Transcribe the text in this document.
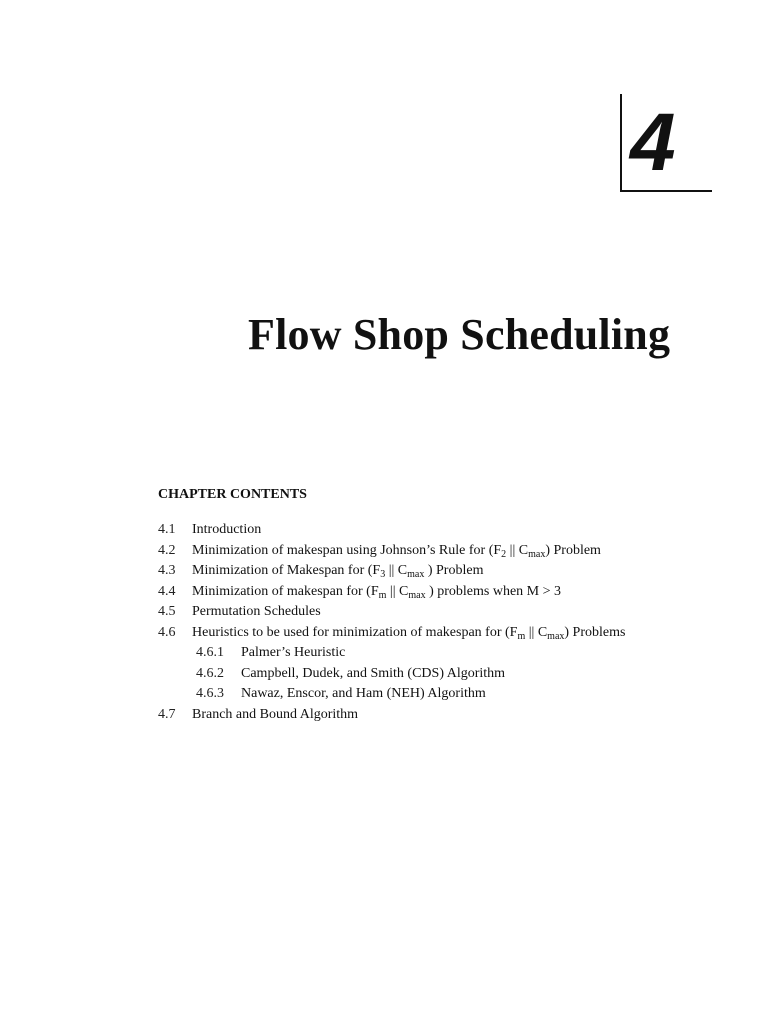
4
Flow Shop Scheduling
CHAPTER CONTENTS
4.1 Introduction
4.2 Minimization of makespan using Johnson’s Rule for ($F_2$ || $C_{max}$) Problem
4.3 Minimization of Makespan for ($F_3$ || $C_{max}$ ) Problem
4.4 Minimization of makespan for ($F_m$ || $C_{max}$ ) problems when M > 3
4.5 Permutation Schedules
4.6 Heuristics to be used for minimization of makespan for ($F_m$ || $C_{max}$) Problems
4.6.1 Palmer’s Heuristic
4.6.2 Campbell, Dudek, and Smith (CDS) Algorithm
4.6.3 Nawaz, Enscor, and Ham (NEH) Algorithm
4.7 Branch and Bound Algorithm
